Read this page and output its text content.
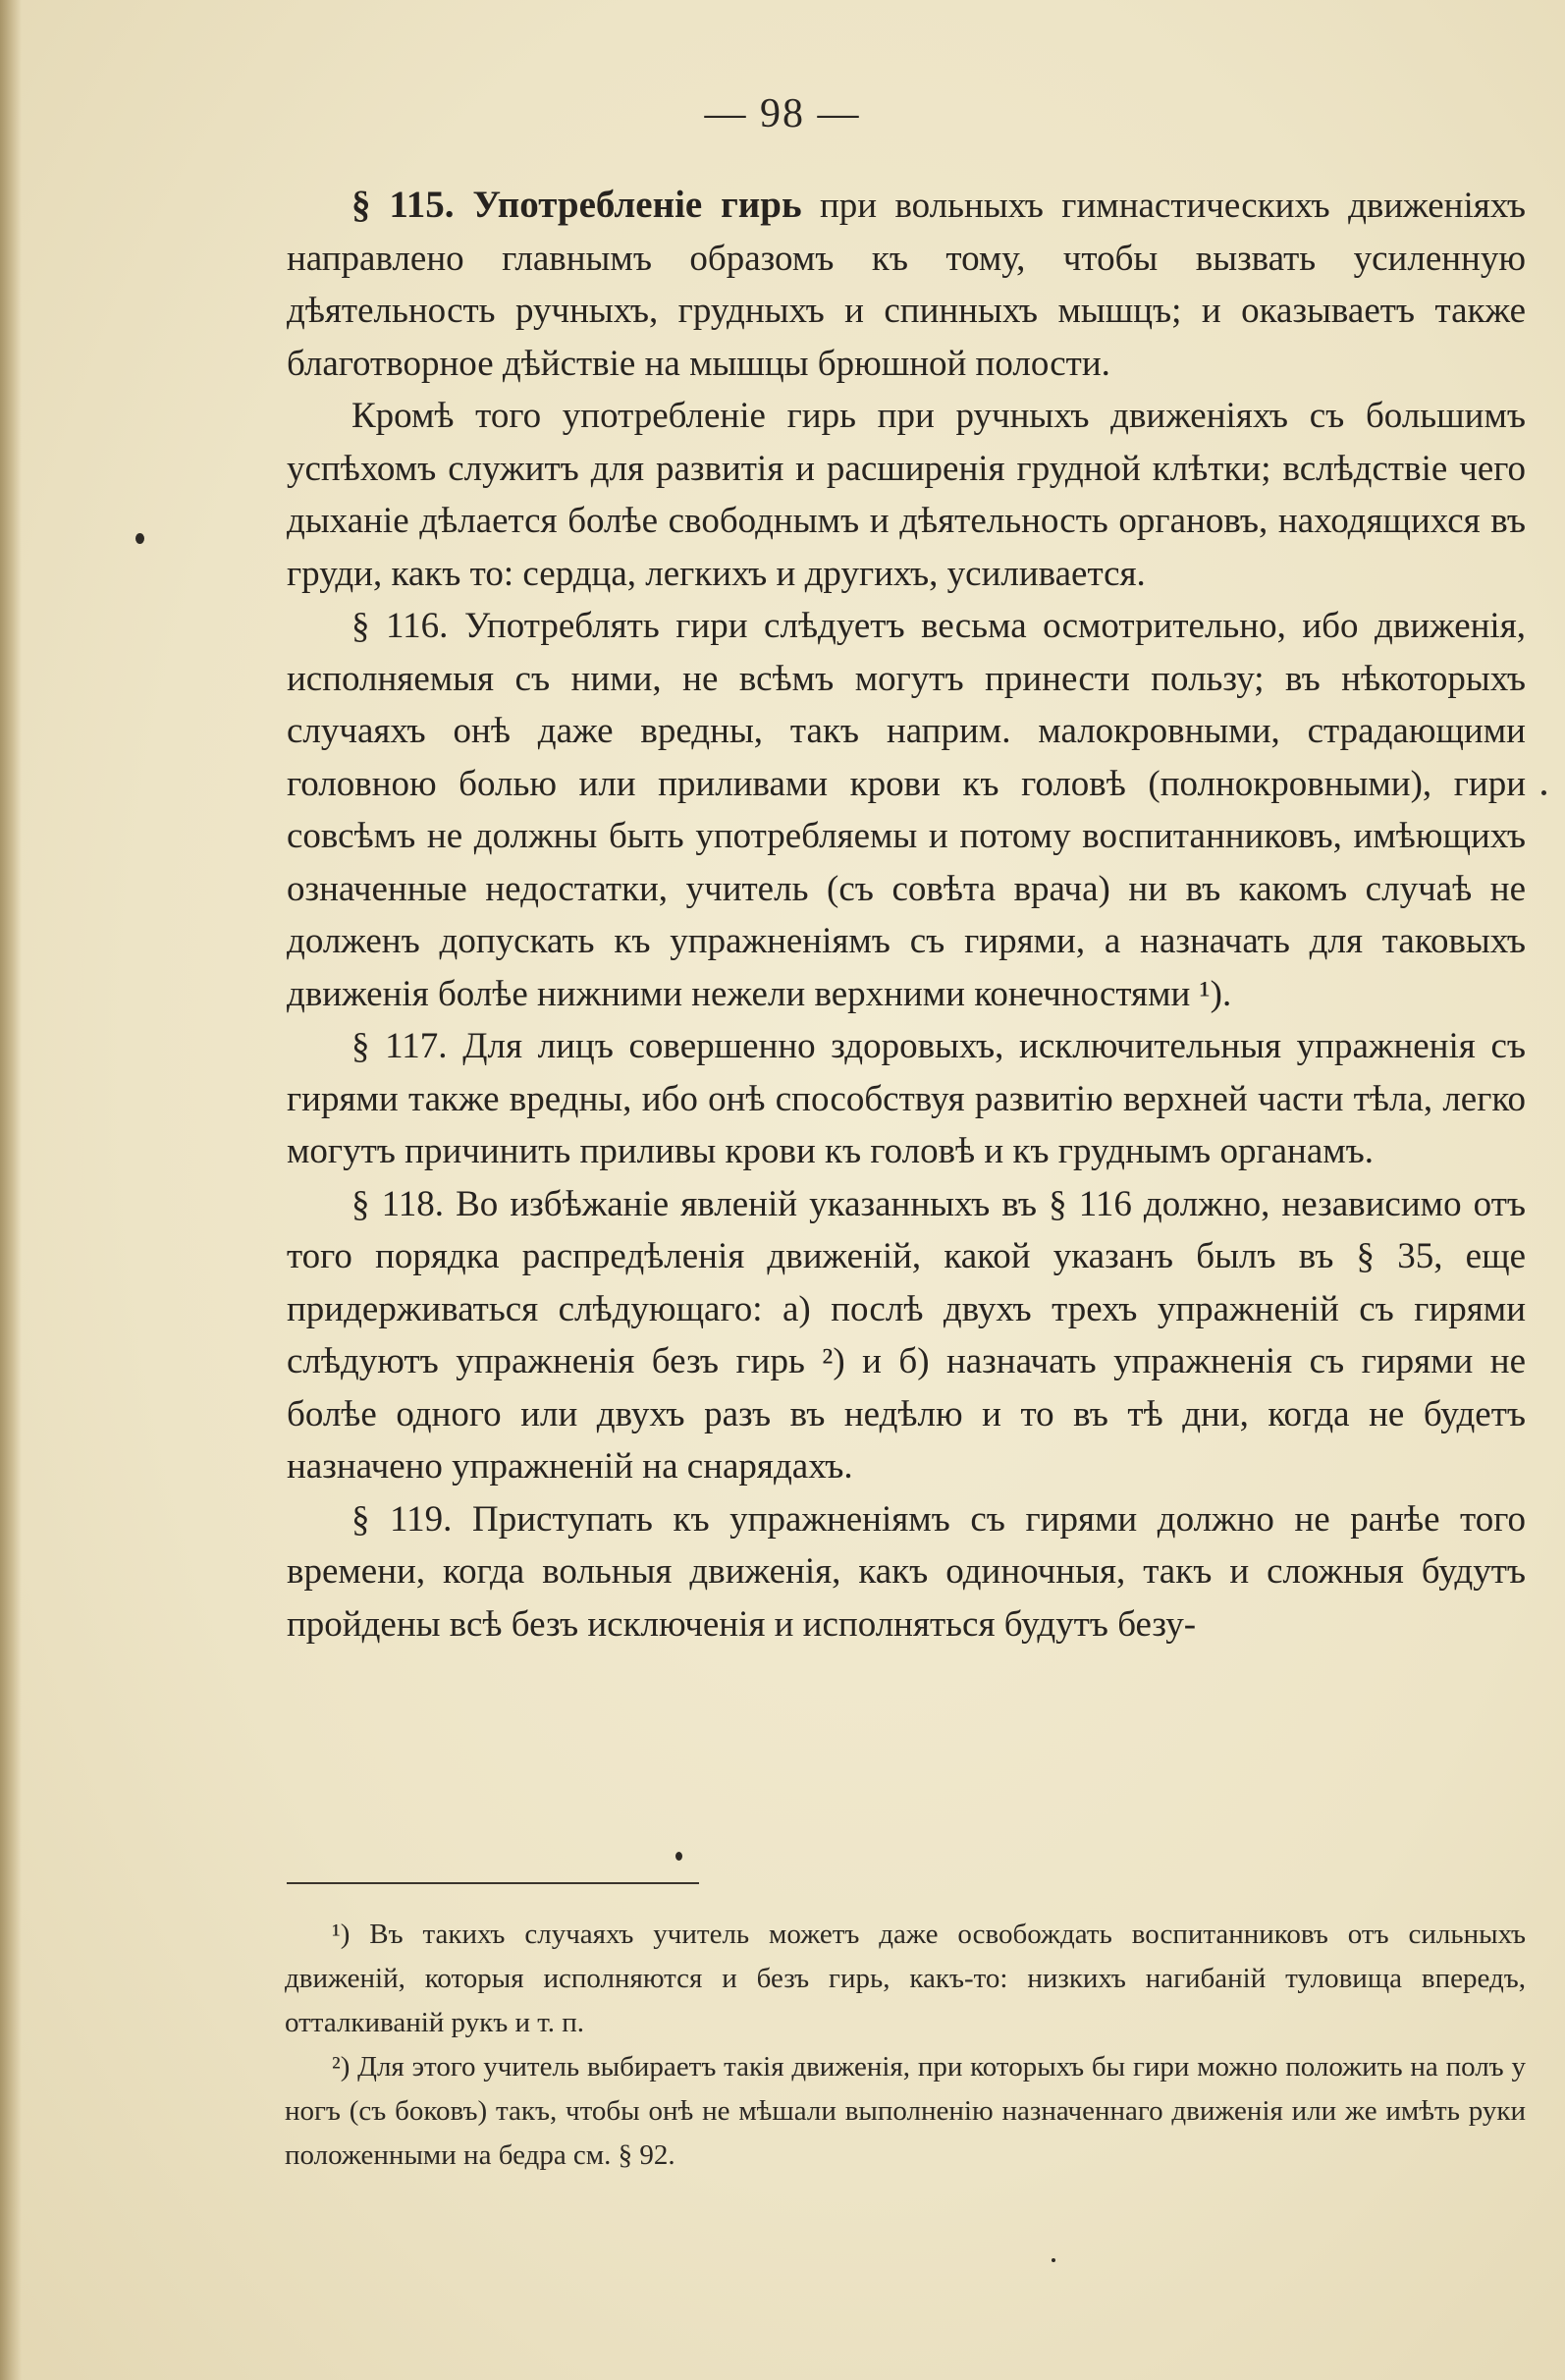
— 98 —

§ 115. Употребленіе гирь при вольныхъ гимнастическихъ движеніяхъ направлено главнымъ образомъ къ тому, чтобы вызвать усиленную дѣятельность ручныхъ, грудныхъ и спинныхъ мышцъ; и оказываетъ также благотворное дѣйствіе на мышцы брюшной полости.

Кромѣ того употребленіе гирь при ручныхъ движеніяхъ съ большимъ успѣхомъ служитъ для развитія и расширенія грудной клѣтки; вслѣдствіе чего дыханіе дѣлается болѣе свободнымъ и дѣятельность органовъ, находящихся въ груди, какъ то: сердца, легкихъ и другихъ, усиливается.

§ 116. Употреблять гири слѣдуетъ весьма осмотрительно, ибо движенія, исполняемыя съ ними, не всѣмъ могутъ принести пользу; въ нѣкоторыхъ случаяхъ онѣ даже вредны, такъ наприм. малокровными, страдающими головною болью или приливами крови къ головѣ (полнокровными), гири совсѣмъ не должны быть употребляемы и потому воспитанниковъ, имѣющихъ означенные недостатки, учитель (съ совѣта врача) ни въ какомъ случаѣ не долженъ допускать къ упражненіямъ съ гирями, а назначать для таковыхъ движенія болѣе нижними нежели верхними конечностями ¹).

§ 117. Для лицъ совершенно здоровыхъ, исключительныя упражненія съ гирями также вредны, ибо онѣ способствуя развитію верхней части тѣла, легко могутъ причинить приливы крови къ головѣ и къ груднымъ органамъ.

§ 118. Во избѣжаніе явленій указанныхъ въ § 116 должно, независимо отъ того порядка распредѣленія движеній, какой указанъ былъ въ § 35, еще придерживаться слѣдующаго: а) послѣ двухъ трехъ упражненій съ гирями слѣдуютъ упражненія безъ гирь ²) и б) назначать упражненія съ гирями не болѣе одного или двухъ разъ въ недѣлю и то въ тѣ дни, когда не будетъ назначено упражненій на снарядахъ.

§ 119. Приступать къ упражненіямъ съ гирями должно не ранѣе того времени, когда вольныя движенія, какъ одиночныя, такъ и сложныя будутъ пройдены всѣ безъ исключенія и исполняться будутъ безу-

¹) Въ такихъ случаяхъ учитель можетъ даже освобождать воспитанниковъ отъ сильныхъ движеній, которыя исполняются и безъ гирь, какъ-то: низкихъ нагибаній туловища впередъ, отталкиваній рукъ и т. п.

²) Для этого учитель выбираетъ такія движенія, при которыхъ бы гири можно положить на полъ у ногъ (съ боковъ) такъ, чтобы онѣ не мѣшали выполненію назначеннаго движенія или же имѣть руки положенными на бедра см. § 92.
